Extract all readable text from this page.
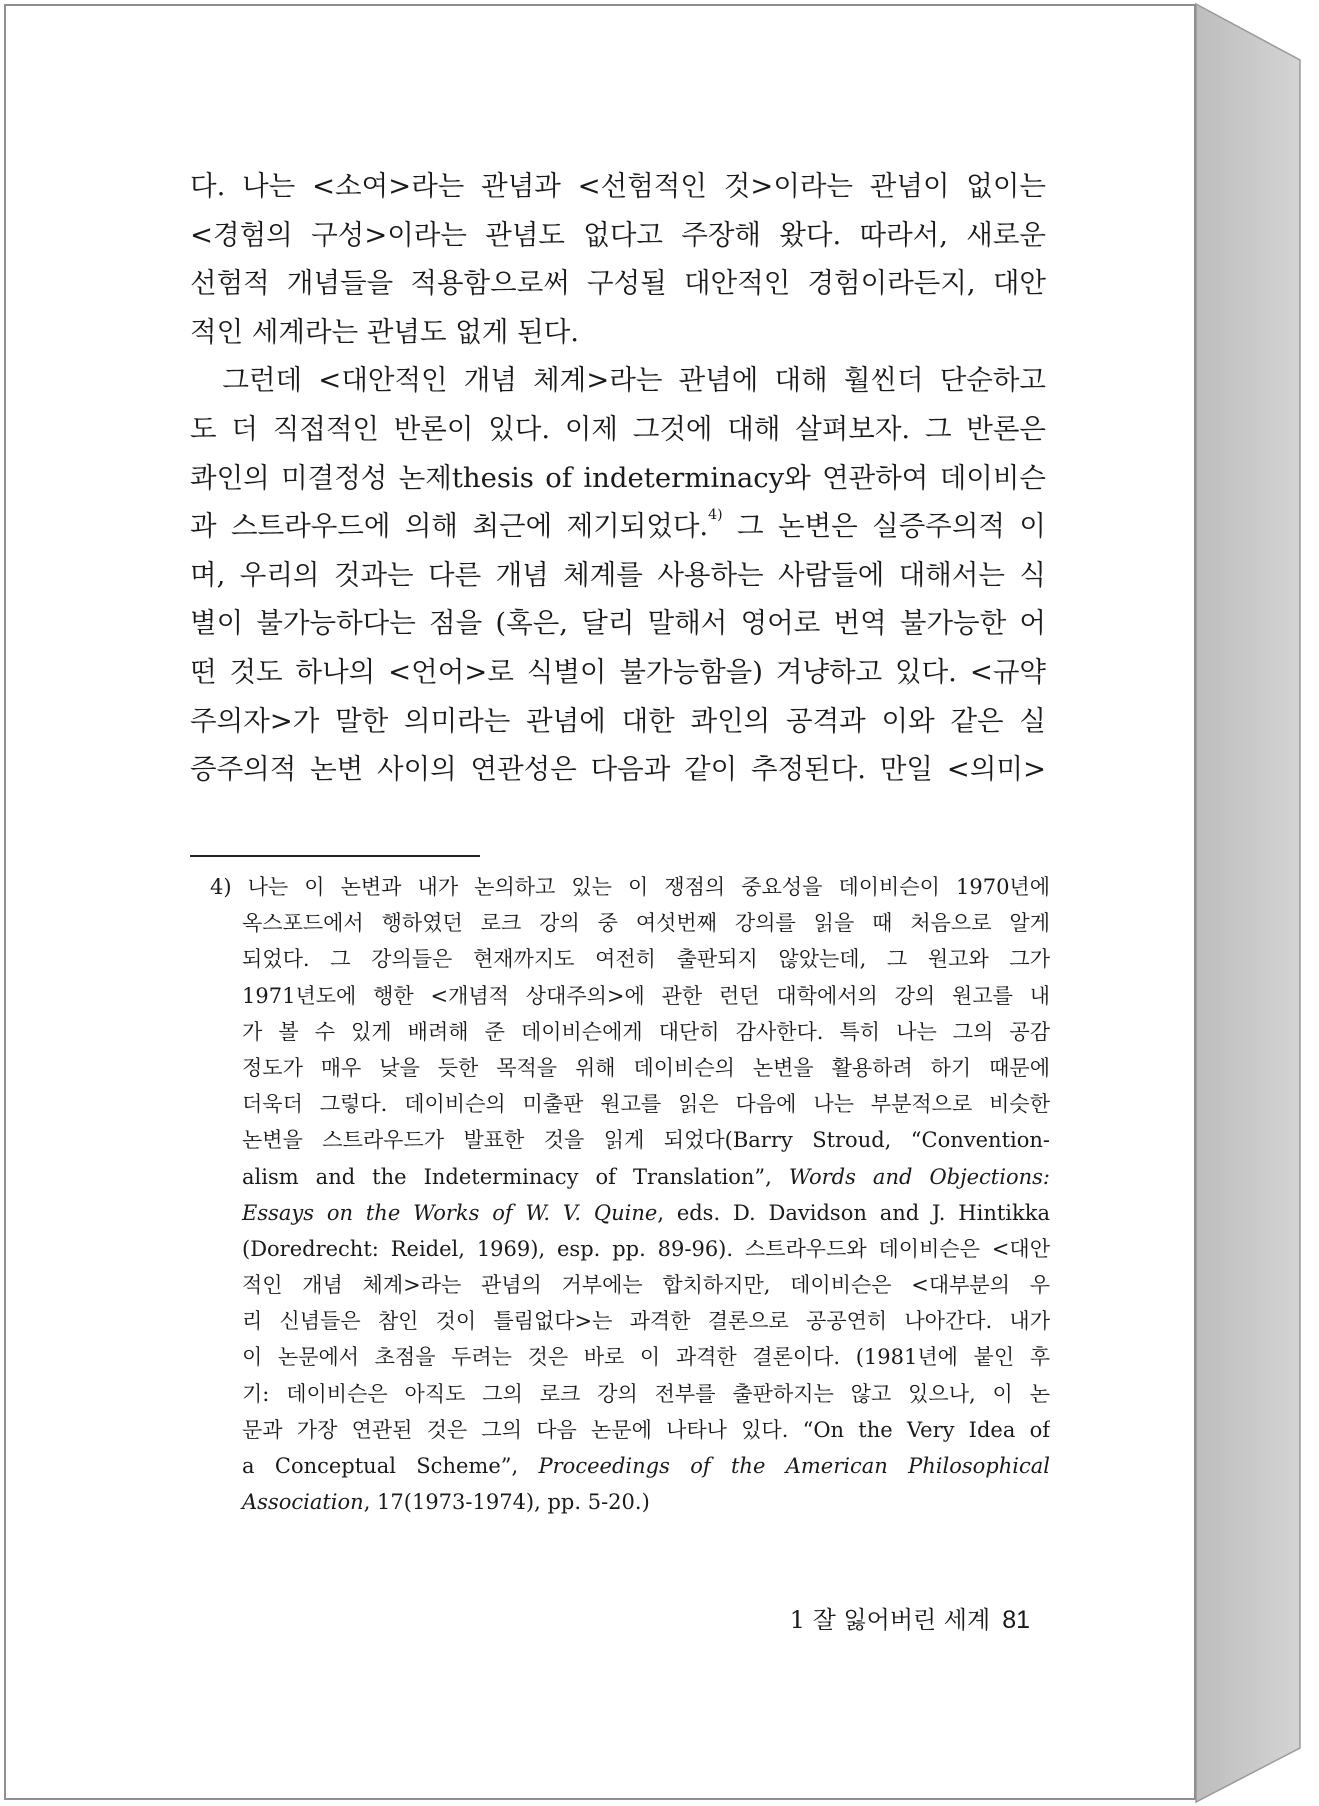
다. 나는 <소여>라는 관념과 <선험적인 것>이라는 관념이 없이는
<경험의 구성>이라는 관념도 없다고 주장해 왔다. 따라서, 새로운
선험적 개념들을 적용함으로써 구성될 대안적인 경험이라든지, 대안
적인 세계라는 관념도 없게 된다.
그런데 <대안적인 개념 체계>라는 관념에 대해 훨씬더 단순하고
도 더 직접적인 반론이 있다. 이제 그것에 대해 살펴보자. 그 반론은
콰인의 미결정성 논제thesis of indeterminacy와 연관하여 데이비슨
과 스트라우드에 의해 최근에 제기되었다.$^{4)}$ 그 논변은 실증주의적 이
며, 우리의 것과는 다른 개념 체계를 사용하는 사람들에 대해서는 식
별이 불가능하다는 점을 (혹은, 달리 말해서 영어로 번역 불가능한 어
떤 것도 하나의 <언어>로 식별이 불가능함을) 겨냥하고 있다. <규약
주의자>가 말한 의미라는 관념에 대한 콰인의 공격과 이와 같은 실
증주의적 논변 사이의 연관성은 다음과 같이 추정된다. 만일 <의미>
4) 나는 이 논변과 내가 논의하고 있는 이 쟁점의 중요성을 데이비슨이 1970년에
옥스포드에서 행하였던 로크 강의 중 여섯번째 강의를 읽을 때 처음으로 알게
되었다. 그 강의들은 현재까지도 여전히 출판되지 않았는데, 그 원고와 그가
1971년도에 행한 <개념적 상대주의>에 관한 런던 대학에서의 강의 원고를 내
가 볼 수 있게 배려해 준 데이비슨에게 대단히 감사한다. 특히 나는 그의 공감
정도가 매우 낮을 듯한 목적을 위해 데이비슨의 논변을 활용하려 하기 때문에
더욱더 그렇다. 데이비슨의 미출판 원고를 읽은 다음에 나는 부분적으로 비슷한
논변을 스트라우드가 발표한 것을 읽게 되었다(Barry Stroud, “Convention-
alism and the Indeterminacy of Translation”, Words and Objections:
Essays on the Works of W. V. Quine, eds. D. Davidson and J. Hintikka
(Doredrecht: Reidel, 1969), esp. pp. 89-96). 스트라우드와 데이비슨은 <대안
적인 개념 체계>라는 관념의 거부에는 합치하지만, 데이비슨은 <대부분의 우
리 신념들은 참인 것이 틀림없다>는 과격한 결론으로 공공연히 나아간다. 내가
이 논문에서 초점을 두려는 것은 바로 이 과격한 결론이다. (1981년에 붙인 후
기: 데이비슨은 아직도 그의 로크 강의 전부를 출판하지는 않고 있으나, 이 논
문과 가장 연관된 것은 그의 다음 논문에 나타나 있다. “On the Very Idea of
a Conceptual Scheme”, Proceedings of the American Philosophical
Association, 17(1973-1974), pp. 5-20.)
1 잘 잃어버린 세계 81
